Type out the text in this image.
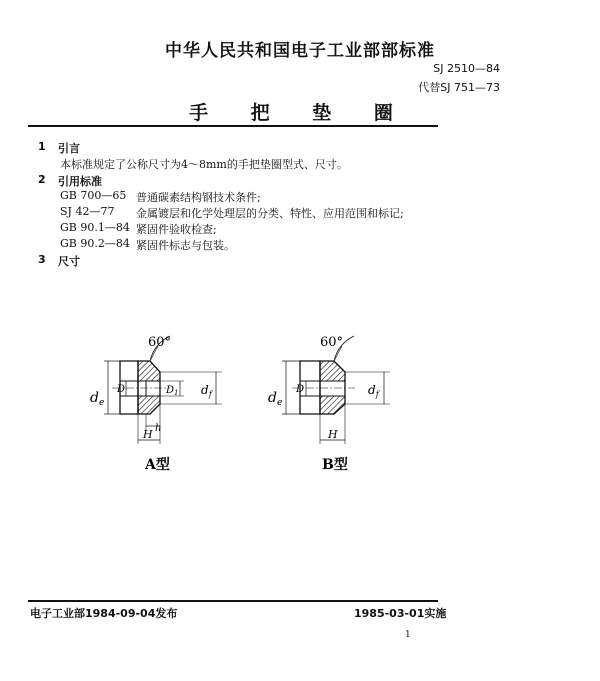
中华人民共和国电子工业部部标准
SJ 2510—84
代替SJ 751—73
手 把 垫 圈
1 引言
本标准规定了公称尺寸为4～8mm的手把垫圈型式、尺寸。
2 引用标准
GB 700—65 普通碳素结构钢技术条件;
SJ 42—77 金属镀层和化学处理层的分类、特性、应用范围和标记;
GB 90.1—84 紧固件验收检查;
GB 90.2—84 紧固件标志与包装。
3 尺寸
60°
$d_e$
D	$D_1$ $d_f$
H h
A型
60°
$d_e$
D	$d_f$
H
B型
电子工业部1984-09-04发布	1985-03-01实施
1
